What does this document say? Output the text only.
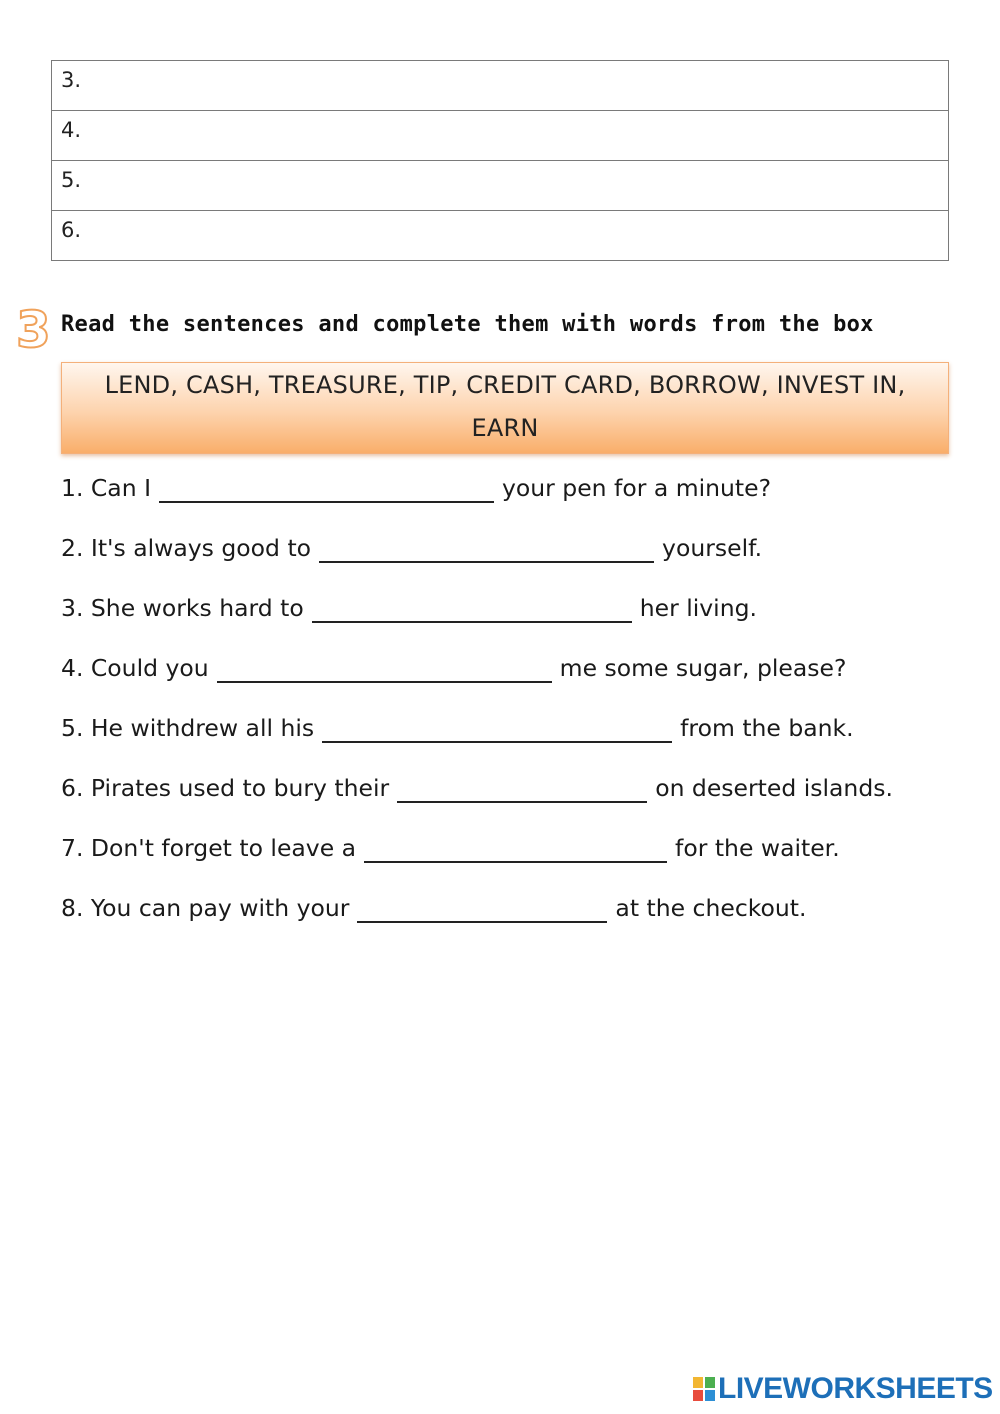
3.
4.
5.
6.
3 Read the sentences and complete them with words from the box
LEND, CASH, TREASURE, TIP, CREDIT CARD, BORROW, INVEST IN, EARN
1. Can I	your pen for a minute?
2. It's always good to	yourself.
3. She works hard to	her living.
4. Could you	me some sugar, please?
5. He withdrew all his	from the bank.
6. Pirates used to bury their	on deserted islands.
7. Don't forget to leave a	for the waiter.
8. You can pay with your	at the checkout.
LIVEWORKSHEETS
